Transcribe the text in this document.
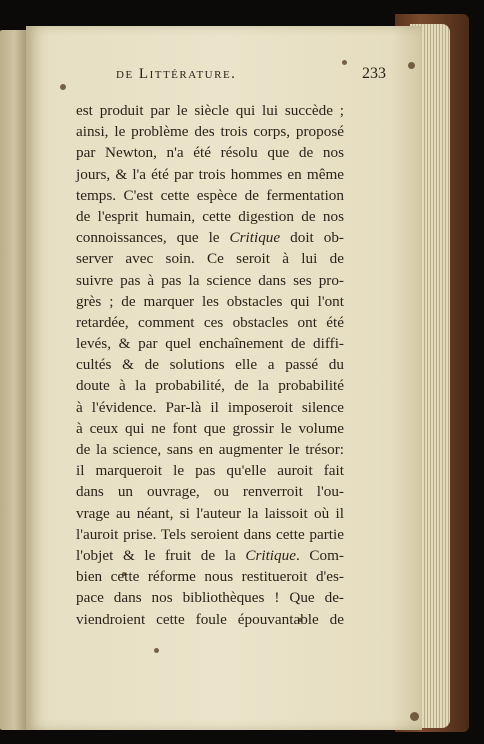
de Littérature.	233
est produit par le siècle qui lui succède ;
ainsi, le problème des trois corps, proposé
par Newton, n'a été résolu que de nos
jours, & l'a été par trois hommes en même
temps. C'est cette espèce de fermentation
de l'esprit humain, cette digestion de nos
connoissances, que le Critique doit ob-
server avec soin. Ce seroit à lui de
suivre pas à pas la science dans ses pro-
grès ; de marquer les obstacles qui l'ont
retardée, comment ces obstacles ont été
levés, & par quel enchaînement de diffi-
cultés & de solutions elle a passé du
doute à la probabilité, de la probabilité
à l'évidence. Par-là il imposeroit silence
à ceux qui ne font que grossir le volume
de la science, sans en augmenter le trésor:
il marqueroit le pas qu'elle auroit fait
dans un ouvrage, ou renverroit l'ou-
vrage au néant, si l'auteur la laissoit où il
l'auroit prise. Tels seroient dans cette partie
l'objet & le fruit de la Critique. Com-
bien cette réforme nous restitueroit d'es-
pace dans nos bibliothèques ! Que de-
viendroient cette foule épouvantable de
